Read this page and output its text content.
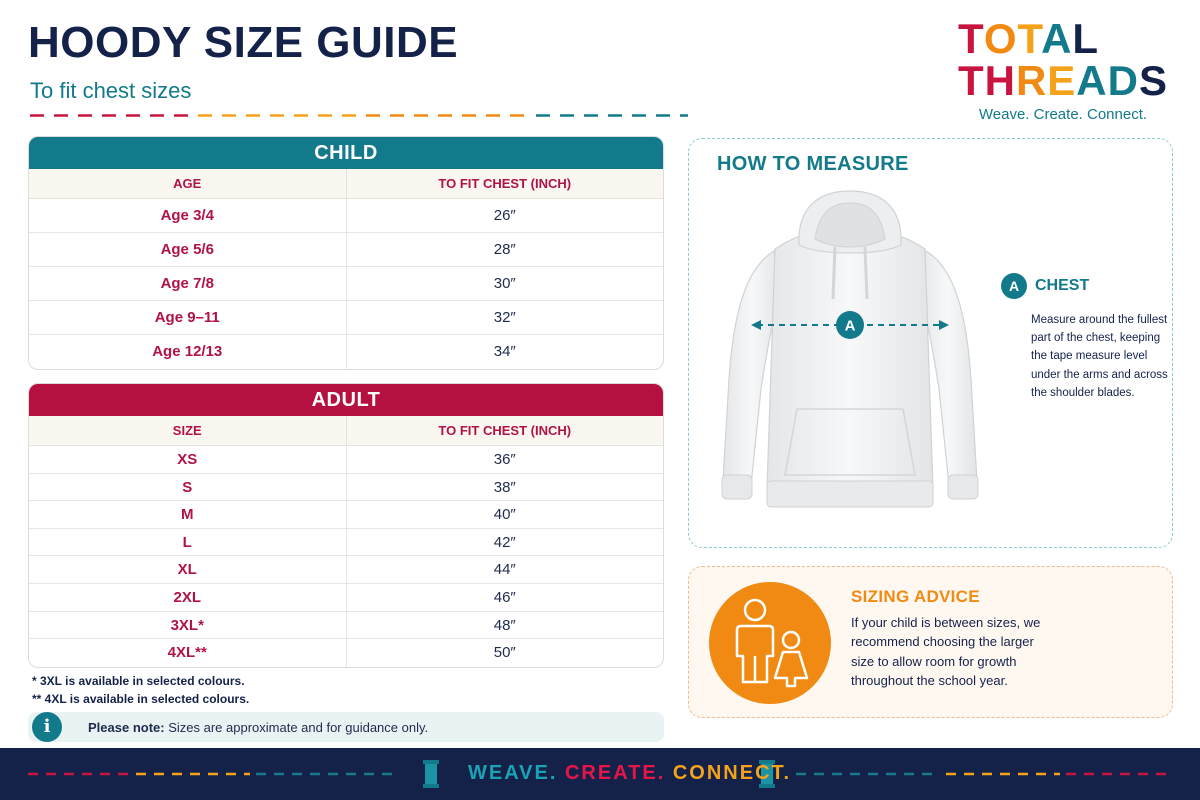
HOODY SIZE GUIDE
To fit chest sizes
TOTAL
THREADS
Weave. Create. Connect.
CHILD
AGE	TO FIT CHEST (INCH)
Age 3/4	26″
Age 5/6	28″
Age 7/8	30″
Age 9–11	32″
Age 12/13	34″
ADULT
SIZE	TO FIT CHEST (INCH)
XS	36″
S	38″
M	40″
L	42″
XL	44″
2XL	46″
3XL*	48″
4XL**	50″
* 3XL is available in selected colours.
** 4XL is available in selected colours.
i	Please note: Sizes are approximate and for guidance only.
HOW TO MEASURE
A
A CHEST
Measure around the fullest part of the chest, keeping the tape measure level under the arms and across the shoulder blades.
SIZING ADVICE
If your child is between sizes, we recommend choosing the larger size to allow room for growth throughout the school year.
WEAVE. CREATE. CONNECT.
